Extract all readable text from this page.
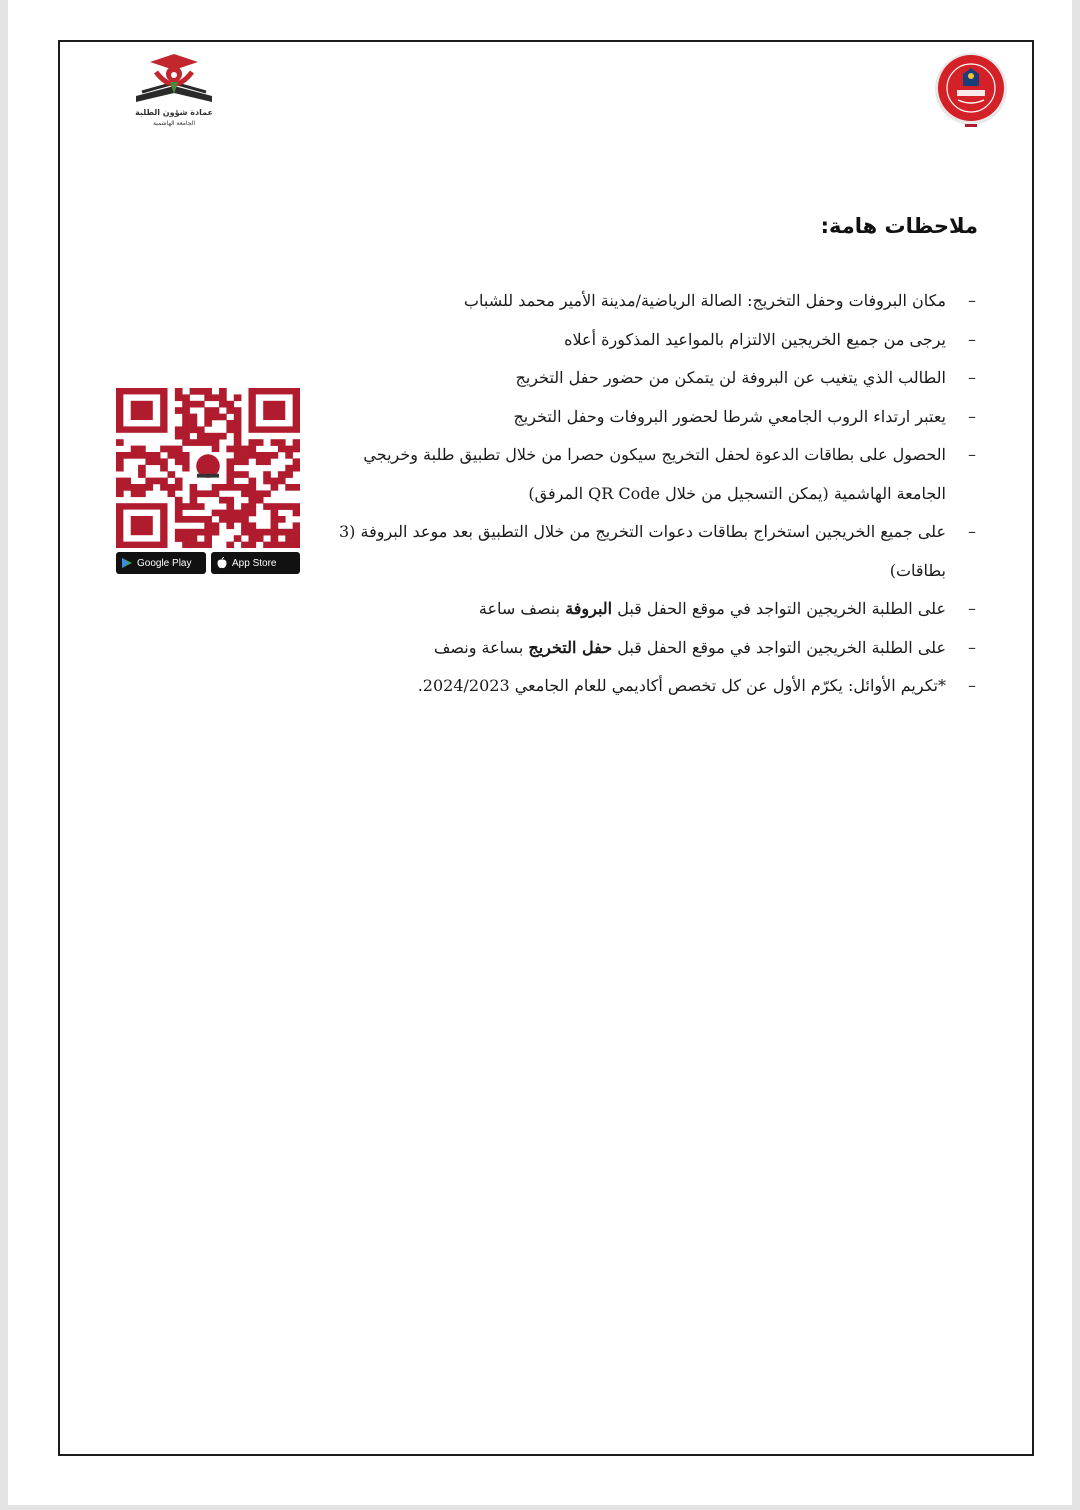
عمادة شؤون الطلبة
الجامعة الهاشمية
ملاحظات هامة:
– مكان البروفات وحفل التخريج: الصالة الرياضية/مدينة الأمير محمد للشباب
– يرجى من جميع الخريجين الالتزام بالمواعيد المذكورة أعلاه
– الطالب الذي يتغيب عن البروفة لن يتمكن من حضور حفل التخريج
– يعتبر ارتداء الروب الجامعي شرطا لحضور البروفات وحفل التخريج
– الحصول على بطاقات الدعوة لحفل التخريج سيكون حصرا من خلال تطبيق طلبة وخريجي الجامعة الهاشمية (يمكن التسجيل من خلال QR Code المرفق)
– على جميع الخريجين استخراج بطاقات دعوات التخريج من خلال التطبيق بعد موعد البروفة (3 بطاقات)
– على الطلبة الخريجين التواجد في موقع الحفل قبل البروفة بنصف ساعة
– على الطلبة الخريجين التواجد في موقع الحفل قبل حفل التخريج بساعة ونصف
– *تكريم الأوائل: يكرّم الأول عن كل تخصص أكاديمي للعام الجامعي 2024/2023.
Google Play	App Store
